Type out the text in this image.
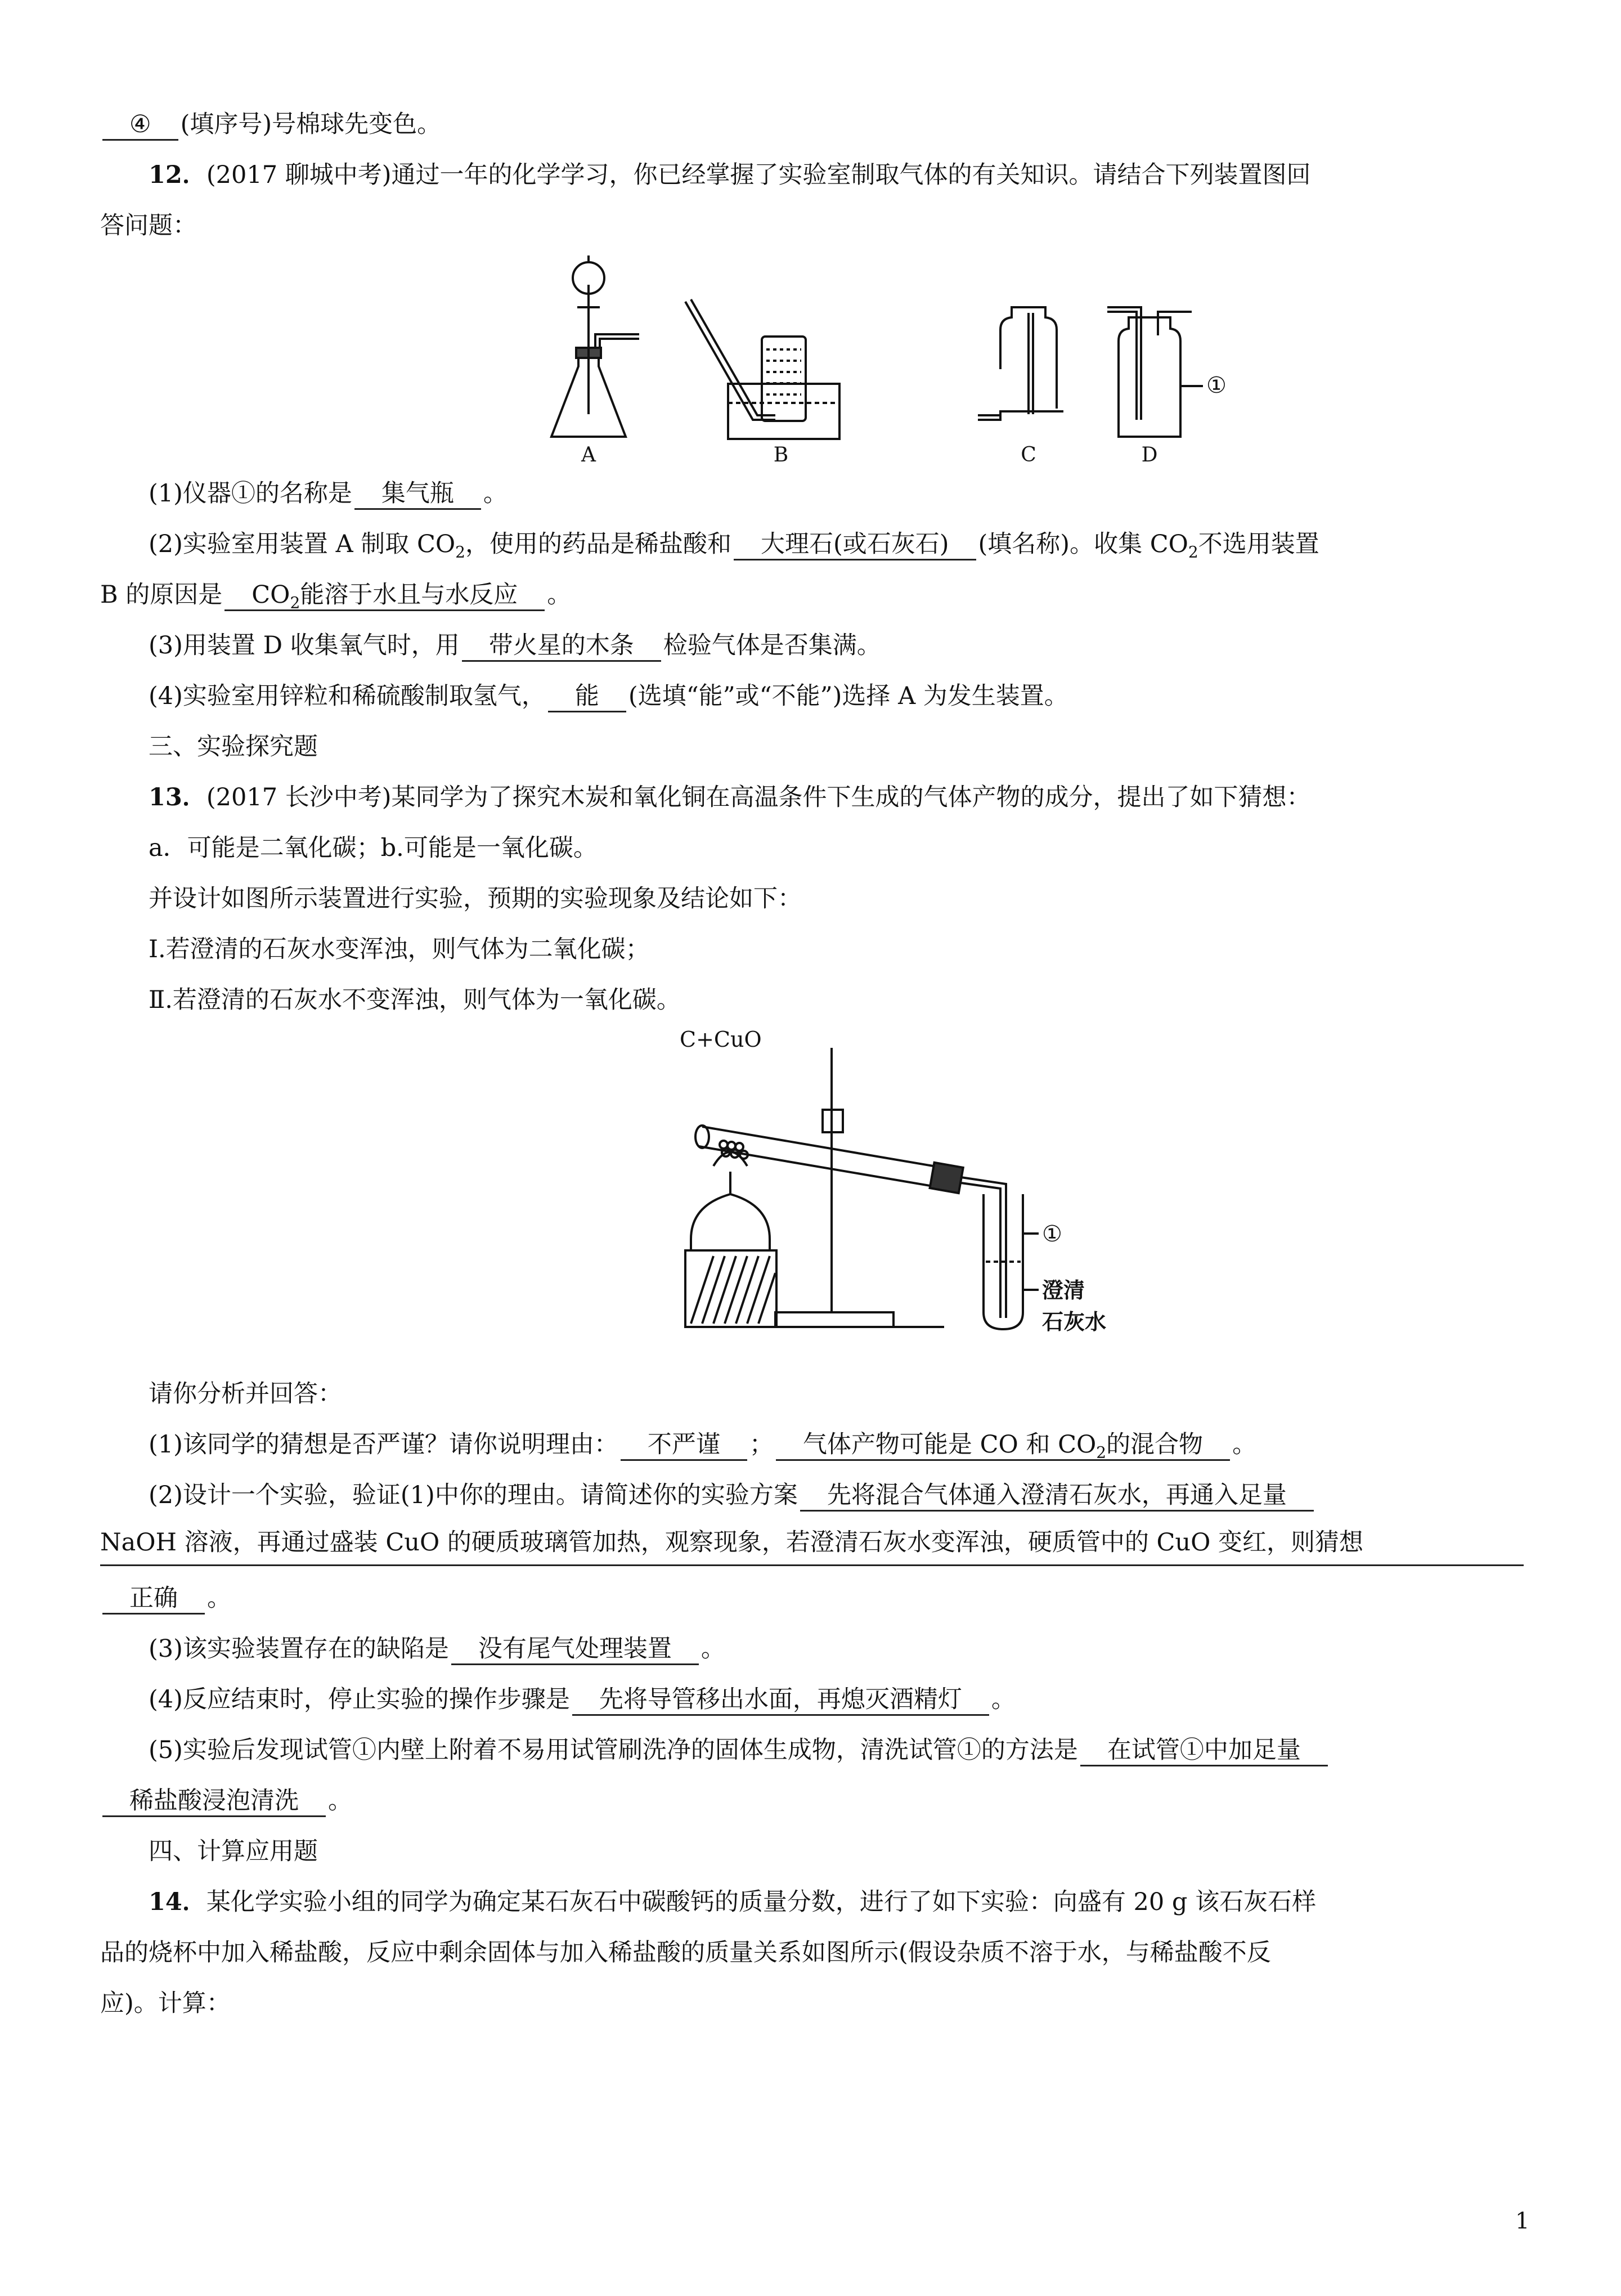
④ (填序号)号棉球先变色。

12．(2017 聊城中考)通过一年的化学学习，你已经掌握了实验室制取气体的有关知识。请结合下列装置图回

答问题：

A	B	C	D
①

(1)仪器①的名称是 集气瓶 。

(2)实验室用装置 A 制取 $CO_2$，使用的药品是稀盐酸和 大理石(或石灰石) (填名称)。收集 $CO_2$不选用装置

B 的原因是 $CO_2$能溶于水且与水反应 。

(3)用装置 D 收集氧气时，用 带火星的木条 检验气体是否集满。

(4)实验室用锌粒和稀硫酸制取氢气， 能 (选填“能”或“不能”)选择 A 为发生装置。

三、实验探究题

13．(2017 长沙中考)某同学为了探究木炭和氧化铜在高温条件下生成的气体产物的成分，提出了如下猜想：

a．可能是二氧化碳；b.可能是一氧化碳。

并设计如图所示装置进行实验，预期的实验现象及结论如下：

Ⅰ.若澄清的石灰水变浑浊，则气体为二氧化碳；

Ⅱ.若澄清的石灰水不变浑浊，则气体为一氧化碳。

C+CuO
①
澄清
石灰水

请你分析并回答：

(1)该同学的猜想是否严谨？请你说明理由： 不严谨 ； 气体产物可能是 CO 和 $CO_2$的混合物 。

(2)设计一个实验，验证(1)中你的理由。请简述你的实验方案 先将混合气体通入澄清石灰水，再通入足量

NaOH 溶液，再通过盛装 CuO 的硬质玻璃管加热，观察现象，若澄清石灰水变浑浊，硬质管中的 CuO 变红，则猜想

正确 。

(3)该实验装置存在的缺陷是 没有尾气处理装置 。

(4)反应结束时，停止实验的操作步骤是 先将导管移出水面，再熄灭酒精灯 。

(5)实验后发现试管①内壁上附着不易用试管刷洗净的固体生成物，清洗试管①的方法是 在试管①中加足量

稀盐酸浸泡清洗 。

四、计算应用题

14．某化学实验小组的同学为确定某石灰石中碳酸钙的质量分数，进行了如下实验：向盛有 20 g 该石灰石样

品的烧杯中加入稀盐酸，反应中剩余固体与加入稀盐酸的质量关系如图所示(假设杂质不溶于水，与稀盐酸不反

应)。计算：

1
